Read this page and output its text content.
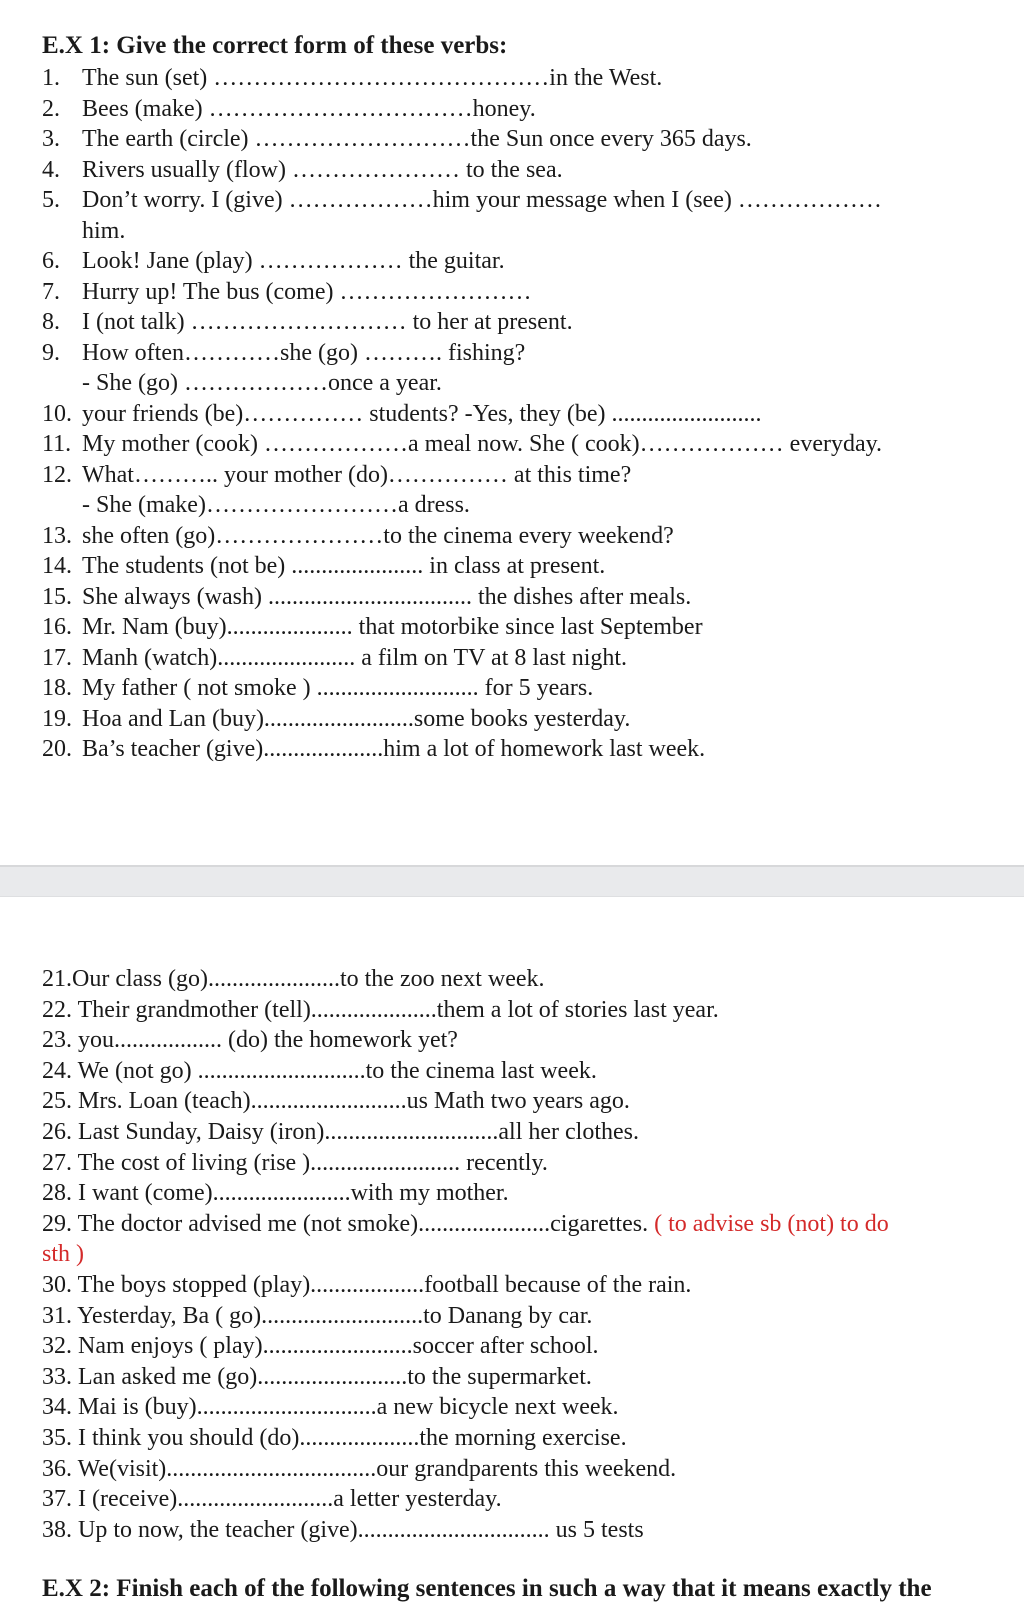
E.X 1: Give the correct form of these verbs:
1. The sun (set) ……………………………………in the West.
2. Bees (make) ……………………………honey.
3. The earth (circle) ………………………the Sun once every 365 days.
4. Rivers usually (flow) ………………… to the sea.
5. Don’t worry. I (give) ………………him your message when I (see) ………………
him.
6. Look! Jane (play) ……………… the guitar.
7. Hurry up! The bus (come) ……………………
8. I (not talk) ……………………… to her at present.
9. How often…………she (go) ………. fishing?
- She (go) ………………once a year.
10. your friends (be)…………… students? -Yes, they (be) .........................
11. My mother (cook) ………………a meal now. She ( cook)……………… everyday.
12. What……….. your mother (do)…………… at this time?
- She (make)……………………a dress.
13. she often (go)…………………to the cinema every weekend?
14. The students (not be) ...................... in class at present.
15. She always (wash) .................................. the dishes after meals.
16. Mr. Nam (buy)..................... that motorbike since last September
17. Manh (watch)....................... a film on TV at 8 last night.
18. My father ( not smoke ) ........................... for 5 years.
19. Hoa and Lan (buy).........................some books yesterday.
20. Ba’s teacher (give)....................him a lot of homework last week.
21.Our class (go)......................to the zoo next week.
22. Their grandmother (tell).....................them a lot of stories last year.
23. you.................. (do) the homework yet?
24. We (not go) ............................to the cinema last week.
25. Mrs. Loan (teach)..........................us Math two years ago.
26. Last Sunday, Daisy (iron).............................all her clothes.
27. The cost of living (rise )......................... recently.
28. I want (come).......................with my mother.
29. The doctor advised me (not smoke)......................cigarettes. ( to advise sb (not) to do
sth )
30. The boys stopped (play)...................football because of the rain.
31. Yesterday, Ba ( go)...........................to Danang by car.
32. Nam enjoys ( play).........................soccer after school.
33. Lan asked me (go).........................to the supermarket.
34. Mai is (buy)..............................a new bicycle next week.
35. I think you should (do)....................the morning exercise.
36. We(visit)...................................our grandparents this weekend.
37. I (receive)..........................a letter yesterday.
38. Up to now, the teacher (give)................................ us 5 tests
E.X 2: Finish each of the following sentences in such a way that it means exactly the
